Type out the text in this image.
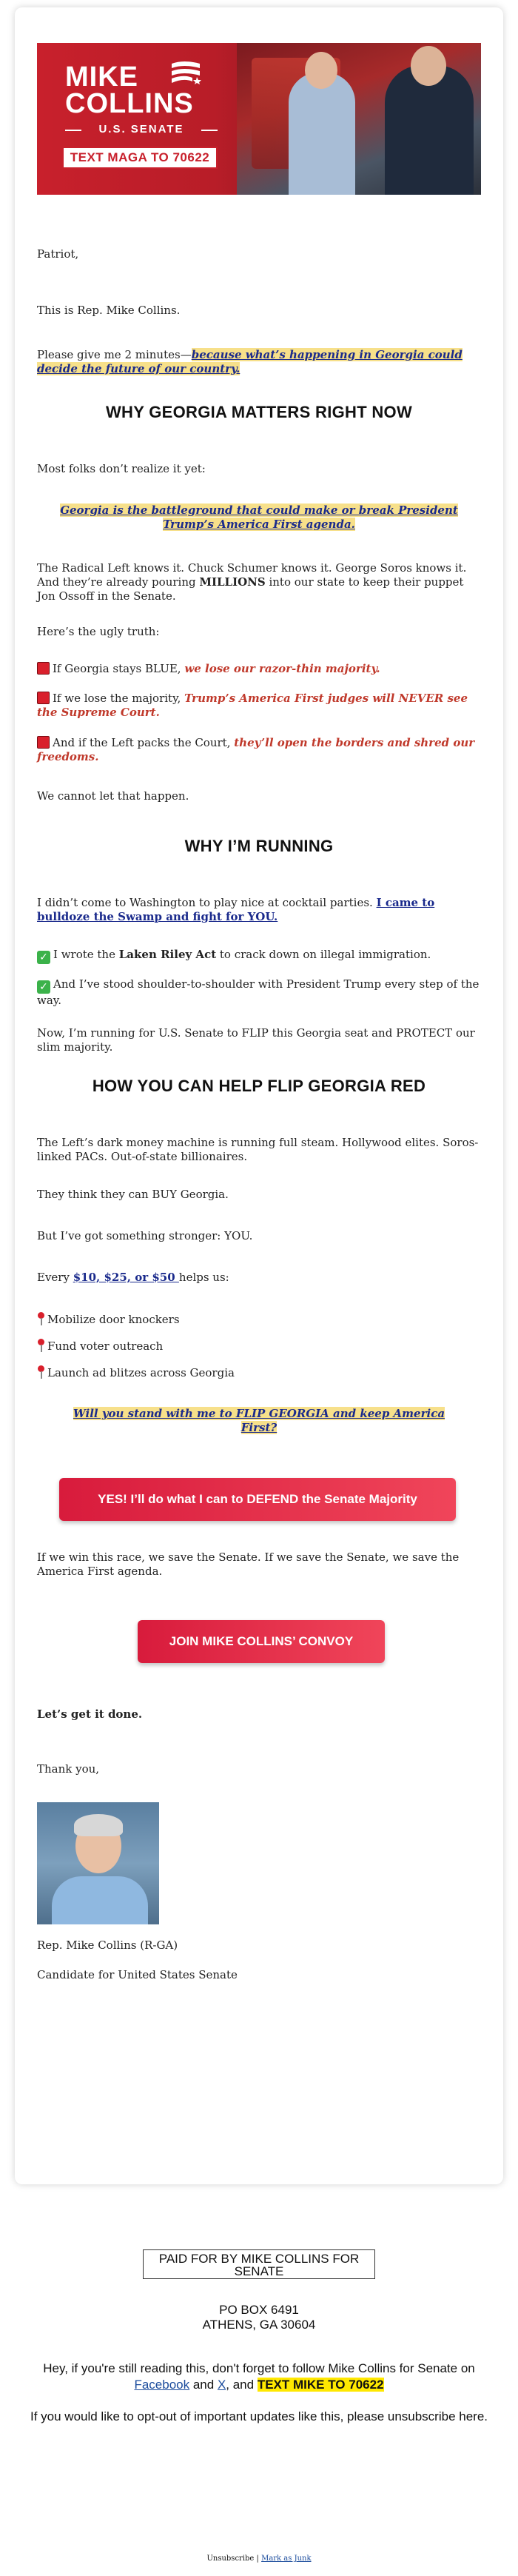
MIKE
COLLINS
U.S. SENATE
TEXT MAGA TO 70622

Patriot,

This is Rep. Mike Collins.

Please give me 2 minutes—because what’s happening in Georgia could decide the future of our country.

WHY GEORGIA MATTERS RIGHT NOW

Most folks don’t realize it yet:

Georgia is the battleground that could make or break President Trump’s America First agenda.

The Radical Left knows it. Chuck Schumer knows it. George Soros knows it. And they’re already pouring MILLIONS into our state to keep their puppet Jon Ossoff in the Senate.

Here’s the ugly truth:

If Georgia stays BLUE, we lose our razor-thin majority.

If we lose the majority, Trump’s America First judges will NEVER see the Supreme Court.

And if the Left packs the Court, they’ll open the borders and shred our freedoms.

We cannot let that happen.

WHY I’M RUNNING

I didn’t come to Washington to play nice at cocktail parties. I came to bulldoze the Swamp and fight for YOU.

✓ I wrote the Laken Riley Act to crack down on illegal immigration.

✓ And I’ve stood shoulder-to-shoulder with President Trump every step of the way.

Now, I’m running for U.S. Senate to FLIP this Georgia seat and PROTECT our slim majority.

HOW YOU CAN HELP FLIP GEORGIA RED

The Left’s dark money machine is running full steam. Hollywood elites. Soros-linked PACs. Out-of-state billionaires.

They think they can BUY Georgia.

But I’ve got something stronger: YOU.

Every $10, $25, or $50 helps us:

Mobilize door knockers

Fund voter outreach

Launch ad blitzes across Georgia

Will you stand with me to FLIP GEORGIA and keep America First?

YES! I’ll do what I can to DEFEND the Senate Majority

If we win this race, we save the Senate. If we save the Senate, we save the America First agenda.

JOIN MIKE COLLINS’ CONVOY

Let’s get it done.

Thank you,

Rep. Mike Collins (R-GA)

Candidate for United States Senate

PAID FOR BY MIKE COLLINS FOR SENATE
PO BOX 6491
ATHENS, GA 30604
Hey, if you're still reading this, don't forget to follow Mike Collins for Senate on Facebook and X, and TEXT MIKE TO 70622
If you would like to opt-out of important updates like this, please unsubscribe here.
Unsubscribe | Mark as Junk
